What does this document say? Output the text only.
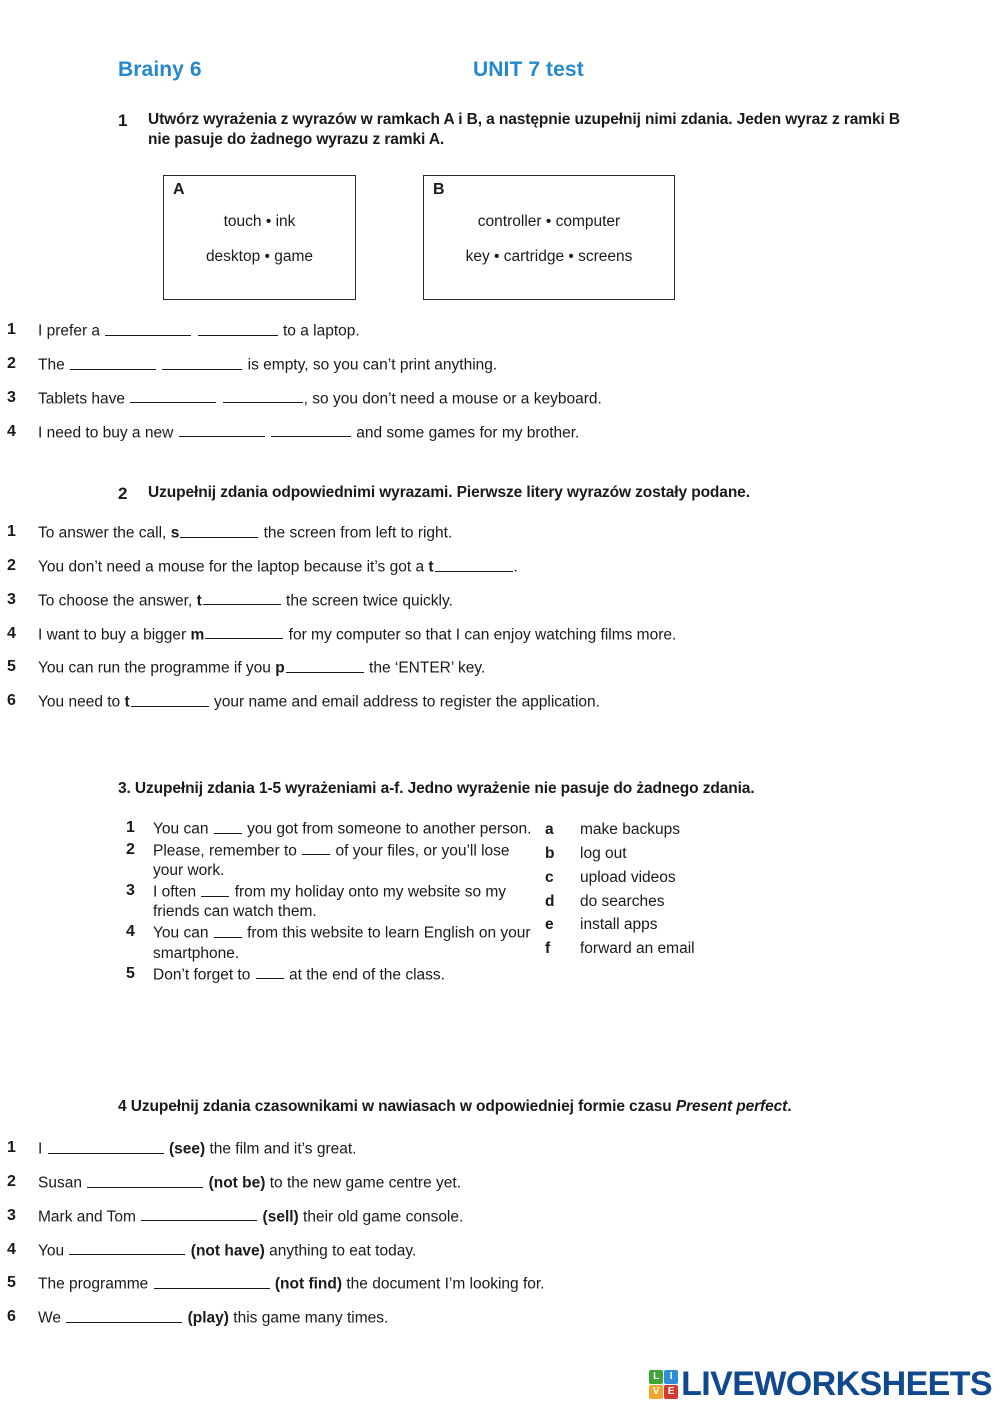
Brainy 6	UNIT 7 test
1	Utwórz wyrażenia z wyrazów w ramkach A i B, a następnie uzupełnij nimi zdania. Jeden wyraz z ramki B nie pasuje do żadnego wyrazu z ramki A.
A
touch • ink
desktop • game
B
controller • computer
key • cartridge • screens
1	I prefer a	to a laptop.
2	The	is empty, so you can’t print anything.
3	Tablets have	, so you don’t need a mouse or a keyboard.
4	I need to buy a new	and some games for my brother.
2	Uzupełnij zdania odpowiednimi wyrazami. Pierwsze litery wyrazów zostały podane.
1	To answer the call, s	the screen from left to right.
2	You don’t need a mouse for the laptop because it’s got a t	.
3	To choose the answer, t	the screen twice quickly.
4	I want to buy a bigger m	for my computer so that I can enjoy watching films more.
5	You can run the programme if you p	the ‘ENTER’ key.
6	You need to t	your name and email address to register the application.
3. Uzupełnij zdania 1-5 wyrażeniami a-f. Jedno wyrażenie nie pasuje do żadnego zdania.
1	You can you got from someone to another person.
2	Please, remember to of your files, or you’ll lose your work.
3	I often from my holiday onto my website so my friends can watch them.
4	You can from this website to learn English on your smartphone.
5	Don’t forget to at the end of the class.
a	make backups
b	log out
c	upload videos
d	do searches
e	install apps
f	forward an email
4 Uzupełnij zdania czasownikami w nawiasach w odpowiedniej formie czasu Present perfect.
1	I	(see) the film and it’s great.
2	Susan	(not be) to the new game centre yet.
3	Mark and Tom	(sell) their old game console.
4	You	(not have) anything to eat today.
5	The programme	(not find) the document I’m looking for.
6	We	(play) this game many times.
L	I
V E LIVEWORKSHEETS
